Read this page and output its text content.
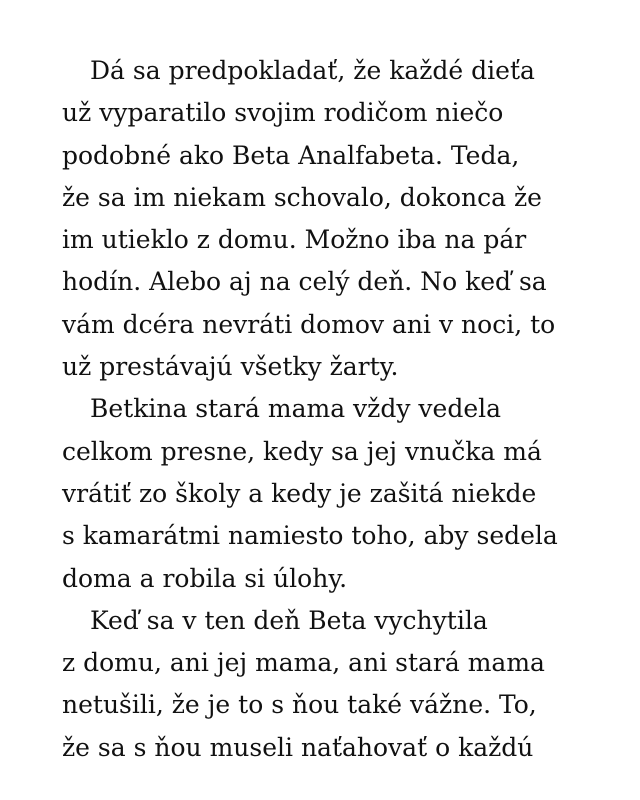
Dá sa predpokladať, že každé dieťa
už vyparatilo svojim rodičom niečo
podobné ako Beta Analfabeta. Teda,
že sa im niekam schovalo, dokonca že
im utieklo z domu. Možno iba na pár
hodín. Alebo aj na celý deň. No keď sa
vám dcéra nevráti domov ani v noci, to
už prestávajú všetky žarty.
Betkina stará mama vždy vedela
celkom presne, kedy sa jej vnučka má
vrátiť zo školy a kedy je zašitá niekde
s kamarátmi namiesto toho, aby sedela
doma a robila si úlohy.
Keď sa v ten deň Beta vychytila
z domu, ani jej mama, ani stará mama
netušili, že je to s ňou také vážne. To,
že sa s ňou museli naťahovať o každú
